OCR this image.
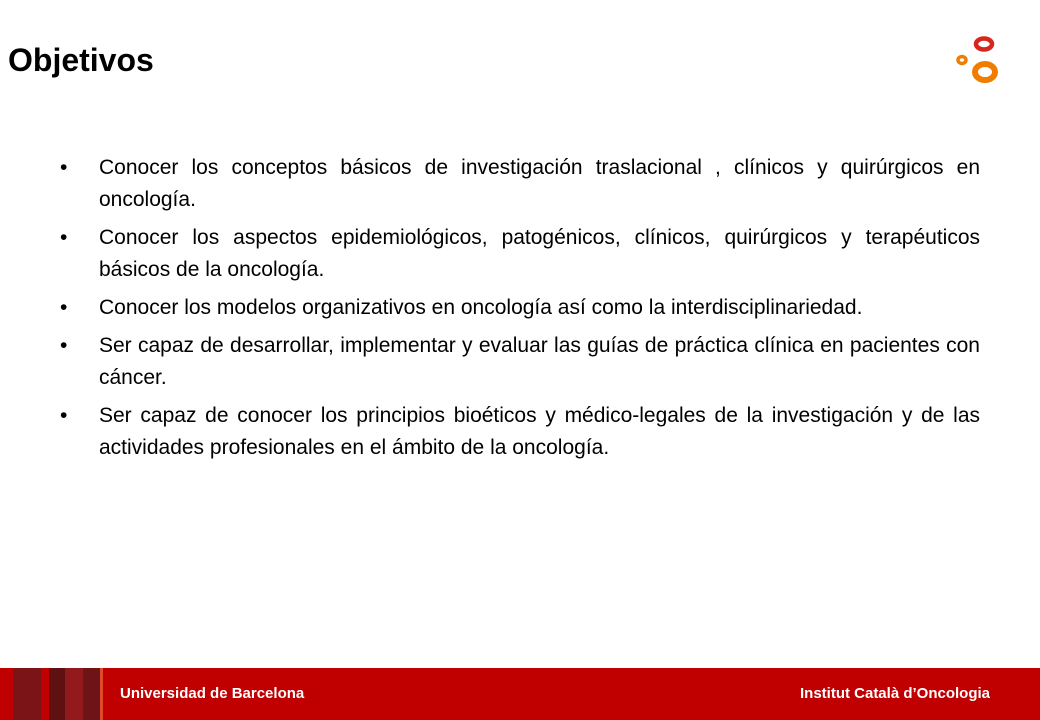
Objetivos
•	Conocer los conceptos básicos de investigación traslacional , clínicos y quirúrgicos en oncología.
•	Conocer los aspectos epidemiológicos, patogénicos, clínicos, quirúrgicos y terapéuticos básicos de la oncología.
•	Conocer los modelos organizativos en oncología así como la interdisciplinariedad.
•	Ser capaz de desarrollar, implementar y evaluar las guías de práctica clínica en pacientes con cáncer.
•	Ser capaz de conocer los principios bioéticos y médico-legales de la investigación y de las actividades profesionales en el ámbito de la oncología.
Universidad de Barcelona	Institut Català d’Oncologia
